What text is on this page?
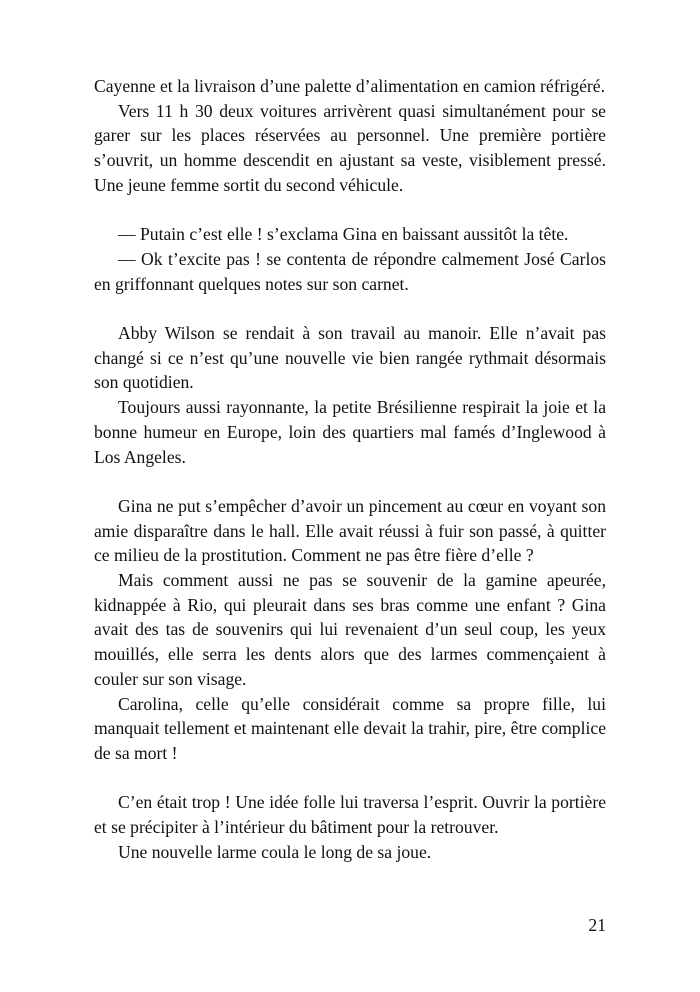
Cayenne et la livraison d’une palette d’alimentation en camion réfrigéré.

Vers 11 h 30 deux voitures arrivèrent quasi simultanément pour se garer sur les places réservées au personnel. Une première portière s’ouvrit, un homme descendit en ajustant sa veste, visiblement pressé. Une jeune femme sortit du second véhicule.

— Putain c’est elle ! s’exclama Gina en baissant aussitôt la tête.

— Ok t’excite pas ! se contenta de répondre calmement José Carlos en griffonnant quelques notes sur son carnet.

Abby Wilson se rendait à son travail au manoir. Elle n’avait pas changé si ce n’est qu’une nouvelle vie bien rangée rythmait désormais son quotidien.

Toujours aussi rayonnante, la petite Brésilienne respirait la joie et la bonne humeur en Europe, loin des quartiers mal famés d’Inglewood à Los Angeles.

Gina ne put s’empêcher d’avoir un pincement au cœur en voyant son amie disparaître dans le hall. Elle avait réussi à fuir son passé, à quitter ce milieu de la prostitution. Comment ne pas être fière d’elle ?

Mais comment aussi ne pas se souvenir de la gamine apeurée, kidnappée à Rio, qui pleurait dans ses bras comme une enfant ? Gina avait des tas de souvenirs qui lui revenaient d’un seul coup, les yeux mouillés, elle serra les dents alors que des larmes commençaient à couler sur son visage.

Carolina, celle qu’elle considérait comme sa propre fille, lui manquait tellement et maintenant elle devait la trahir, pire, être complice de sa mort !

C’en était trop ! Une idée folle lui traversa l’esprit. Ouvrir la portière et se précipiter à l’intérieur du bâtiment pour la retrouver.

Une nouvelle larme coula le long de sa joue.

21
